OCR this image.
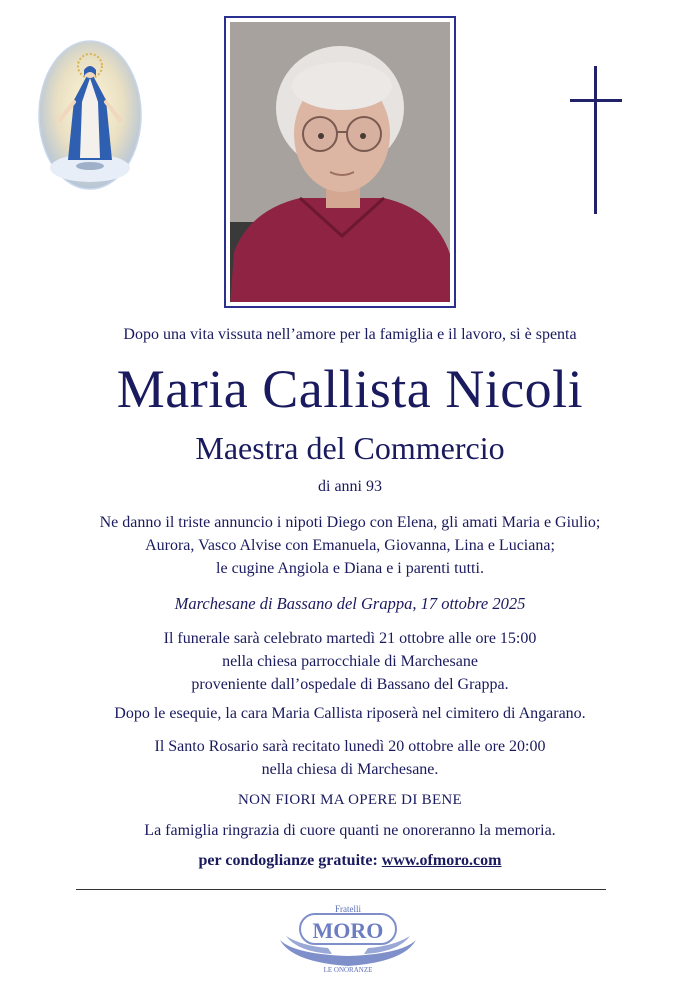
Dopo una vita vissuta nell’amore per la famiglia e il lavoro, si è spenta
Maria Callista Nicoli
Maestra del Commercio
di anni 93
Ne danno il triste annuncio i nipoti Diego con Elena, gli amati Maria e Giulio;
Aurora, Vasco Alvise con Emanuela, Giovanna, Lina e Luciana;
le cugine Angiola e Diana e i parenti tutti.
Marchesane di Bassano del Grappa, 17 ottobre 2025
Il funerale sarà celebrato martedì 21 ottobre alle ore 15:00
nella chiesa parrocchiale di Marchesane
proveniente dall’ospedale di Bassano del Grappa.
Dopo le esequie, la cara Maria Callista riposerà nel cimitero di Angarano.
Il Santo Rosario sarà recitato lunedì 20 ottobre alle ore 20:00
nella chiesa di Marchesane.
NON FIORI MA OPERE DI BENE
La famiglia ringrazia di cuore quanti ne onoreranno la memoria.
per condoglianze gratuite: www.ofmoro.com
Fratelli
MORO
LE ONORANZE
